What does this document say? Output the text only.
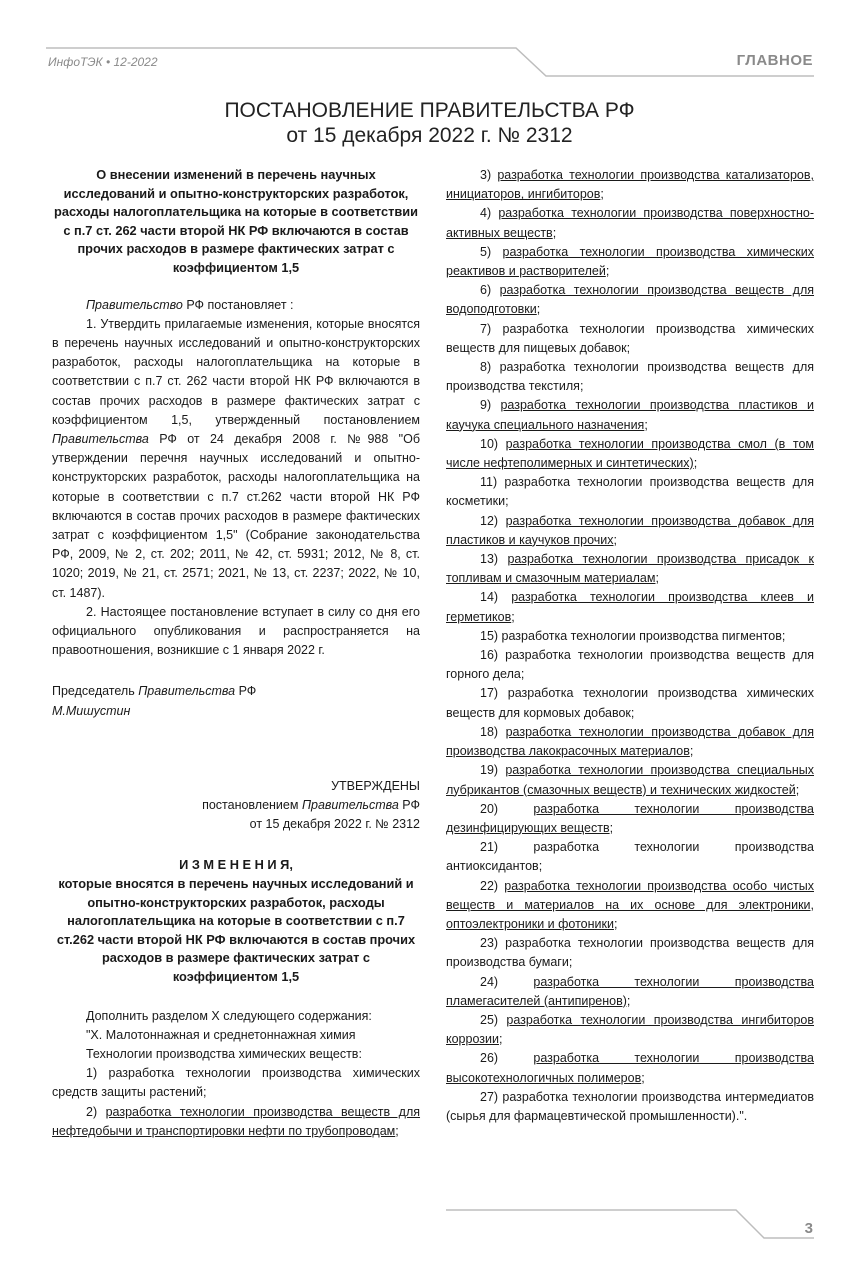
ИнфоТЭК • 12-2022	ГЛАВНОЕ
ПОСТАНОВЛЕНИЕ ПРАВИТЕЛЬСТВА РФ
от 15 декабря 2022 г. № 2312

О внесении изменений в перечень научных исследований и опытно-конструкторских разработок, расходы налогоплательщика на которые в соответствии с п.7 ст. 262 части второй НК РФ включаются в состав прочих расходов в размере фактических затрат с коэффициентом 1,5

Правительство РФ постановляет :

1. Утвердить прилагаемые изменения, которые вносятся в перечень научных исследований и опытно-конструкторских разработок, расходы налогоплательщика на которые в соответствии с п.7 ст. 262 части второй НК РФ включаются в состав прочих расходов в размере фактических затрат с коэффициентом 1,5, утвержденный постановлением Правительства РФ от 24 декабря 2008 г. №988 "Об утверждении перечня научных исследований и опытно-конструкторских разработок, расходы налогоплательщика на которые в соответствии с п.7 ст.262 части второй НК РФ включаются в состав прочих расходов в размере фактических затрат с коэффициентом 1,5" (Собрание законодательства РФ, 2009, № 2, ст. 202; 2011, № 42, ст. 5931; 2012, № 8, ст. 1020; 2019, № 21, ст. 2571; 2021, № 13, ст. 2237; 2022, № 10, ст. 1487).

2. Настоящее постановление вступает в силу со дня его официального опубликования и распространяется на правоотношения, возникшие с 1 января 2022 г.

Председатель Правительства РФ

М.Мишустин

УТВЕРЖДЕНЫ
постановлением Правительства РФ
от 15 декабря 2022 г. № 2312

И З М Е Н Е Н И Я,

которые вносятся в перечень научных исследований и опытно-конструкторских разработок, расходы налогоплательщика на которые в соответствии с п.7 ст.262 части второй НК РФ включаются в состав прочих расходов в размере фактических затрат с коэффициентом 1,5

Дополнить разделом X следующего содержания:

"X. Малотоннажная и среднетоннажная химия

Технологии производства химических веществ:

1) разработка технологии производства химических средств защиты растений;

2) разработка технологии производства веществ для нефтедобычи и транспортировки нефти по трубопроводам;

3) разработка технологии производства катализаторов, инициаторов, ингибиторов;

4) разработка технологии производства поверхностно-активных веществ;

5) разработка технологии производства химических реактивов и растворителей;

6) разработка технологии производства веществ для водоподготовки;

7) разработка технологии производства химических веществ для пищевых добавок;

8) разработка технологии производства веществ для производства текстиля;

9) разработка технологии производства пластиков и каучука специального назначения;

10) разработка технологии производства смол (в том числе нефтеполимерных и синтетических);

11) разработка технологии производства веществ для косметики;

12) разработка технологии производства добавок для пластиков и каучуков прочих;

13) разработка технологии производства присадок к топливам и смазочным материалам;

14) разработка технологии производства клеев и герметиков;

15) разработка технологии производства пигментов;

16) разработка технологии производства веществ для горного дела;

17) разработка технологии производства химических веществ для кормовых добавок;

18) разработка технологии производства добавок для производства лакокрасочных материалов;

19) разработка технологии производства специальных лубрикантов (смазочных веществ) и технических жидкостей;

20) разработка технологии производства дезинфицирующих веществ;

21) разработка технологии производства антиоксидантов;

22) разработка технологии производства особо чистых веществ и материалов на их основе для электроники, оптоэлектроники и фотоники;

23) разработка технологии производства веществ для производства бумаги;

24) разработка технологии производства пламегасителей (антипиренов);

25) разработка технологии производства ингибиторов коррозии;

26) разработка технологии производства высокотехнологичных полимеров;

27) разработка технологии производства интермедиатов (сырья для фармацевтической промышленности).".

3
